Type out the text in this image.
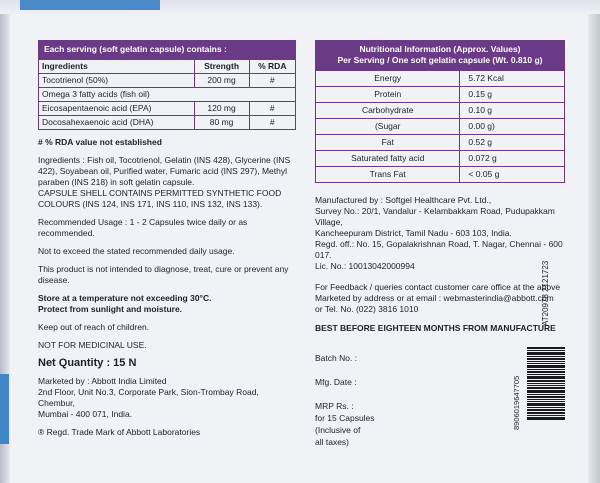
Each serving (soft gelatin capsule) contains :
Ingredients	Strength	% RDA
Tocotrienol (50%)	200 mg	#
Omega 3 fatty acids (fish oil)		
Eicosapentaenoic acid (EPA)	120 mg	#
Docosahexaenoic acid (DHA)	80 mg	#

# % RDA value not established

Ingredients : Fish oil, Tocotrienol, Gelatin (INS 428), Glycerine (INS 422), Soyabean oil, Purified water, Fumaric acid (INS 297), Methyl paraben (INS 218) in soft gelatin capsule.

CAPSULE SHELL CONTAINS PERMITTED SYNTHETIC FOOD COLOURS (INS 124, INS 171, INS 110, INS 132, INS 133).

Recommended Usage : 1 - 2 Capsules twice daily or as recommended.

Not to exceed the stated recommended daily usage.

This product is not intended to diagnose, treat, cure or prevent any disease.

Store at a temperature not exceeding 30°C.

Protect from sunlight and moisture.

Keep out of reach of children.

NOT FOR MEDICINAL USE.

Net Quantity : 15 N

Marketed by : Abbott India Limited

2nd Floor, Unit No.3, Corporate Park, Sion-Trombay Road, Chembur,

Mumbai - 400 071, India.

® Regd. Trade Mark of Abbott Laboratories

Nutritional Information (Approx. Values)
Per Serving / One soft gelatin capsule (Wt. 0.810 g)
Energy	5.72 Kcal
Protein	0.15 g
Carbohydrate	0.10 g
(Sugar	0.00 g)
Fat	0.52 g
Saturated fatty acid	0.072 g
Trans Fat	< 0.05 g

Manufactured by : Softgel Healthcare Pvt. Ltd.,

Survey No.: 20/1, Vandalur - Kelambakkam Road, Pudupakkam Village,

Kancheepuram District, Tamil Nadu - 603 103, India.

Regd. off.: No. 15, Gopalakrishnan Road, T. Nagar, Chennai - 600 017.

Lic. No.: 10013042000994

For Feedback / queries contact customer care office at the above

Marketed by address or at email : webmasterindia@abbott.com

or Tel. No. (022) 3816 1010

BEST BEFORE EIGHTEEN MONTHS FROM MANUFACTURE

Batch No. :

Mfg. Date :

MRP Rs. :

for 15 Capsules

(Inclusive of

all taxes)

AT20978 2121723
8906019647705
